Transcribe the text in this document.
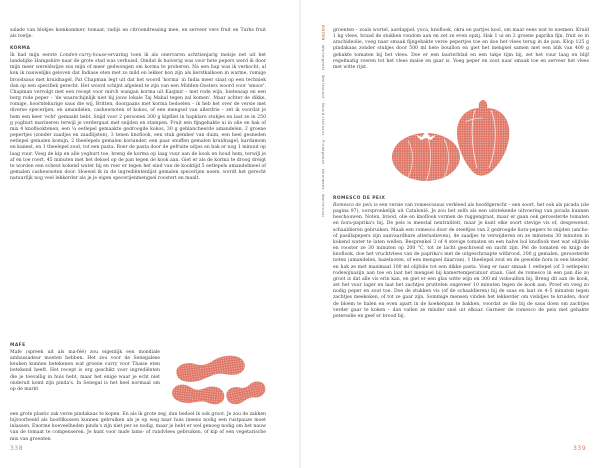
salade van blokjes komkommer, tomaat, radijs en citroendressing mee, en serveer vers fruit en Turks fruit als toetje.

KORMA

Ik had mijn eerste Londen-curry-house-ervaring toen ik als onervaren achttienjarig meisje net uit het landelijke Hampshire naar de grote stad was verhuisd. Omdat ik huiverig was voor hete pepers werd ik door mijn meer wereldwijze zus mijn of meer gedwongen om korma te proberen. Na een hap was ik verkocht, al kon ik nauwelijks geloven dat Indiase eten met zo mild en lekker kon zijn als kerstkalkoen in warme, romige broodsaus met kruidnagel. Pat Chapman legt uit dat het woord 'korma' in India meer slaat op een techniek dan op een specifiek gerecht. Het woord schijnt afgeleid te zijn van een Midden-Oosters woord voor 'smoor'. Chapman vervolgt met een recept voor mirch wangan korma uit Kasjmir – met rode wijn, bietensap en een berg rode peper – 'de waarschijnlijk niet bij jouw lokale Taj Mahal tegen zal komen'. Maar achter de dikke, romige, hoorntekurige saus die wij, Britten, doorgaans met korma bedoelen – ik heb het over de versie met diverse specerijen, en amandelen, cashewnoten of kokos, of een mengsel van allerdrie – zet ik voordat je hem een keer 'echt' gemaakt hebt. Snijd voor 2 personen 300 g kipfilet in hapklare stukjes en laat ze in 250 g yoghurt marineren terwijl je verdergaat met snijden en stampen. Fruit een fijngehakte ui in olie en hak of mix 4 knoflooktenen, een ¼ eetlepel gemaakte gedroogde kokos, 30 g geblancheerde amandelen, 2 groene pepertjes (zonder zaadjes en zaadlijsten), 3 tenen knoflook, een stuk gember van duim, een heel gesneden eetlepel gemalen komijn, 2 theelepels gemalen koriander, een paar snuffen gemalen kruidnagel, kardamom en kaneel, en 1 theelepel zout, tot een pasta. Roer de pasta door de gefruite uitjes en bak er nog 1 minuut op laag vuur. Voeg de kip en alle yoghurt toe, breng de korma op laag vuur aan de kook en houd hem, terwijl je af en toe roert, 45 minuten met het deksel op de pan tegen de kook aan. Giet er als de korma te droog dreigt te worden een scheut kokend water bij en roer er tegen het eind van de kooktijd 5 eetlepels amandelmeel of gemalen cashewnoten door. Hoewel ik in de ingrediëntenlijst gemalen specerijen noem, wordt het gerecht natuurlijk nog veel lekkerder als je je eigen specerijenmengsel roostert en maalt.

MAFE

Mafe (spreek uit als ma-féé) zou eigenlijk een mondiale ambassadeur moeten hebben. Het zou voor de Senegalese keuken kunnen betekenen wat groene curry voor Thaise eten betekend heeft. Het recept is erg geschikt voor ingrediënten die je toevallig in huis hebt, maar het enige waar je echt niet onderuit komt zijn pinda's. In Senegal is het heel normaal om op de markt

een grote plastic zak verse pindakaas te kopen. En als ik grote zeg, dan bedoel ik ook groot. Je zou de zakken bijvoorbeeld als hoofdkussen kunnen gebruiken als je op weg naar huis ineens nodig een rustpauze moet inlassen. Enorme hoeveelheden pinda's zijn niet per se nodig, maar je hebt er wel genoeg nodig om het nauw van de tomaat te compenseren. Je kunt voor mafe lams- of rundvlees gebruiken, of kip of een vegetarische mix van groenten

338
ROTEN · Wortelgeest · Walrasnoot · Noord-Italiaans · Pindagebak · Noorwees · Wortelnoot

groenten – zoals wortel, aardappel, yuca, knoflook, okra en partjes kool, om maar eens wat te noemen. Kruid 1 kg vlees, braad de stukken rondom aan en zet ze even opzij. Hak 1 ui en 2 groene paprika fijn, fruit ze in arachideolie, voeg naar smaak fijngehakte verse pepertjes toe en doe het vlees terug in de pan. Klop 125 g pindakaas zonder stukjes door 500 ml hete bouillon en giet het mengsel samen met een blik van 400 g gehakte tomaten bij het vlees. Doe er een laurierblad en een takje tijm bij, zet het vuur laag en blijf regelmatig roeren tot het vlees malse en gaar is. Voeg peper en zout naar smaak toe en serveer het vlees met witte rijst.

ROMESCO DE PEIX

Romesco de peix is een versie van romescosaus verkleed als hoofdgerecht – een soort, het ook als picada (zie pagina 97), oorspronkelijk uit Catalonië. Je zou het zelfs als een uitstekende uitvoering van picada kunnen beschouwen. Noten, brood, olie en knoflook vormen de ruggengraat, maar er gaan ook geroosterde tomaten en ñora-paprika's bij. De pels is meestal neutraliteit, maar je kunt elke soort stevige vis of, desgewenst, schaaldieren gebruiken. Maak een romesco door de steeltjes van 2 gedroogde ñora-pepers te snijden (ancho- of pasillapepers zijn aanvaardbare alternatieven), de zaadjes te verwijderen en ze minstens 30 minuten in kokend water te laten wellen. Besprenkel 3 of 4 stevige tomaten en een halve bol knoflook met wat olijfolie en rooster ze 30 minuten op 200 °C, tot ze lacht geschroeid en zacht zijn. Pel de tomaten en knijp de knoflook, doe het vruchtvlees van de paprika's met de uitgeschraapte witbrood, 200 g gemalen, geroosterde noten (amandelen, hazelnoten, of een mengsel daarvan), 1 theelepel zout en de gewelde ñora in een blender, en hak ze met maximaal 100 ml olijfolie tot een dikke pasta. Voeg er naar smaak 1 eetlepel (of 3 eetlepels) rodewijnazijn aan toe en laat het mengsel bij kamertemperatuur staan. Giet de romesco in een pan die zo groot is dat alle vis erin kan, en giet er een glas witte wijn en 300 ml visbouillon bij. Breng dit aan de kook, zet het vuur lager en laat het zachtjes pruttelen ongeveer 10 minuten tegen de kook aan. Proef en voeg zo nodig peper en zout toe. Doe de stukken vis (of de schaaldieren) bij de saus en laat ze 4–5 minuten tegen zachtjes meekoken, of tot ze gaar zijn. Sommige mensen vinden het lekkerder om vislidjes te kruiden, door de bloem te halen en even apart in de koekenpan te bakken, voordat ze die bij de saus doen om zachtjes verder gaar te koken – dan vallen ze minder snel uit elkaar. Garneer de romesco de peix met gehakte peterselie en geef er brood bij.

339
